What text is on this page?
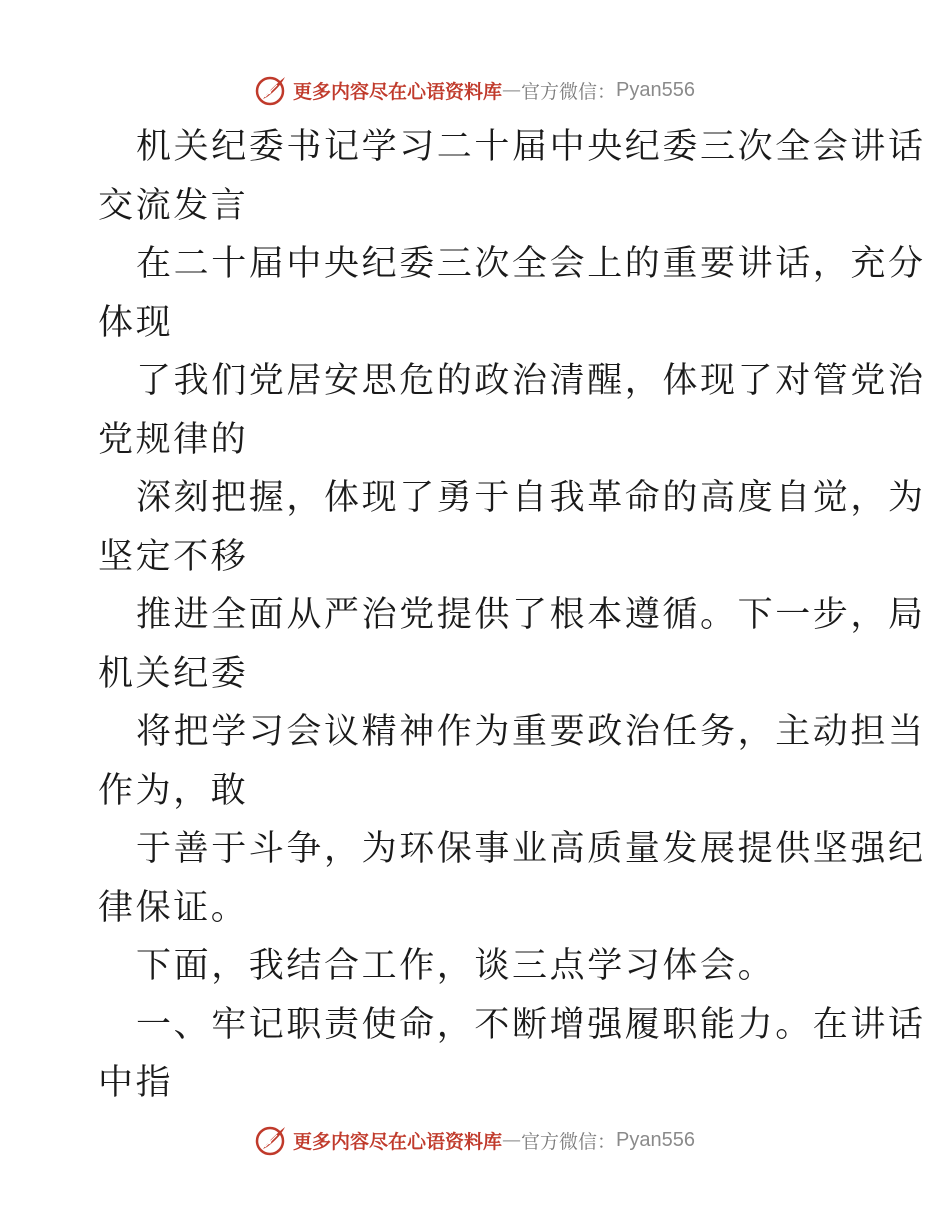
更多内容尽在心语资料库 — 官方微信： Pyan556
机关纪委书记学习二十届中央纪委三次全会讲话
交流发言
在二十届中央纪委三次全会上的重要讲话，充分
体现
了我们党居安思危的政治清醒，体现了对管党治
党规律的
深刻把握，体现了勇于自我革命的高度自觉，为
坚定不移
推进全面从严治党提供了根本遵循。下一步，局
机关纪委
将把学习会议精神作为重要政治任务，主动担当
作为，敢
于善于斗争，为环保事业高质量发展提供坚强纪
律保证。
下面，我结合工作，谈三点学习体会。
一、牢记职责使命，不断增强履职能力。在讲话
中指
更多内容尽在心语资料库 — 官方微信： Pyan556
